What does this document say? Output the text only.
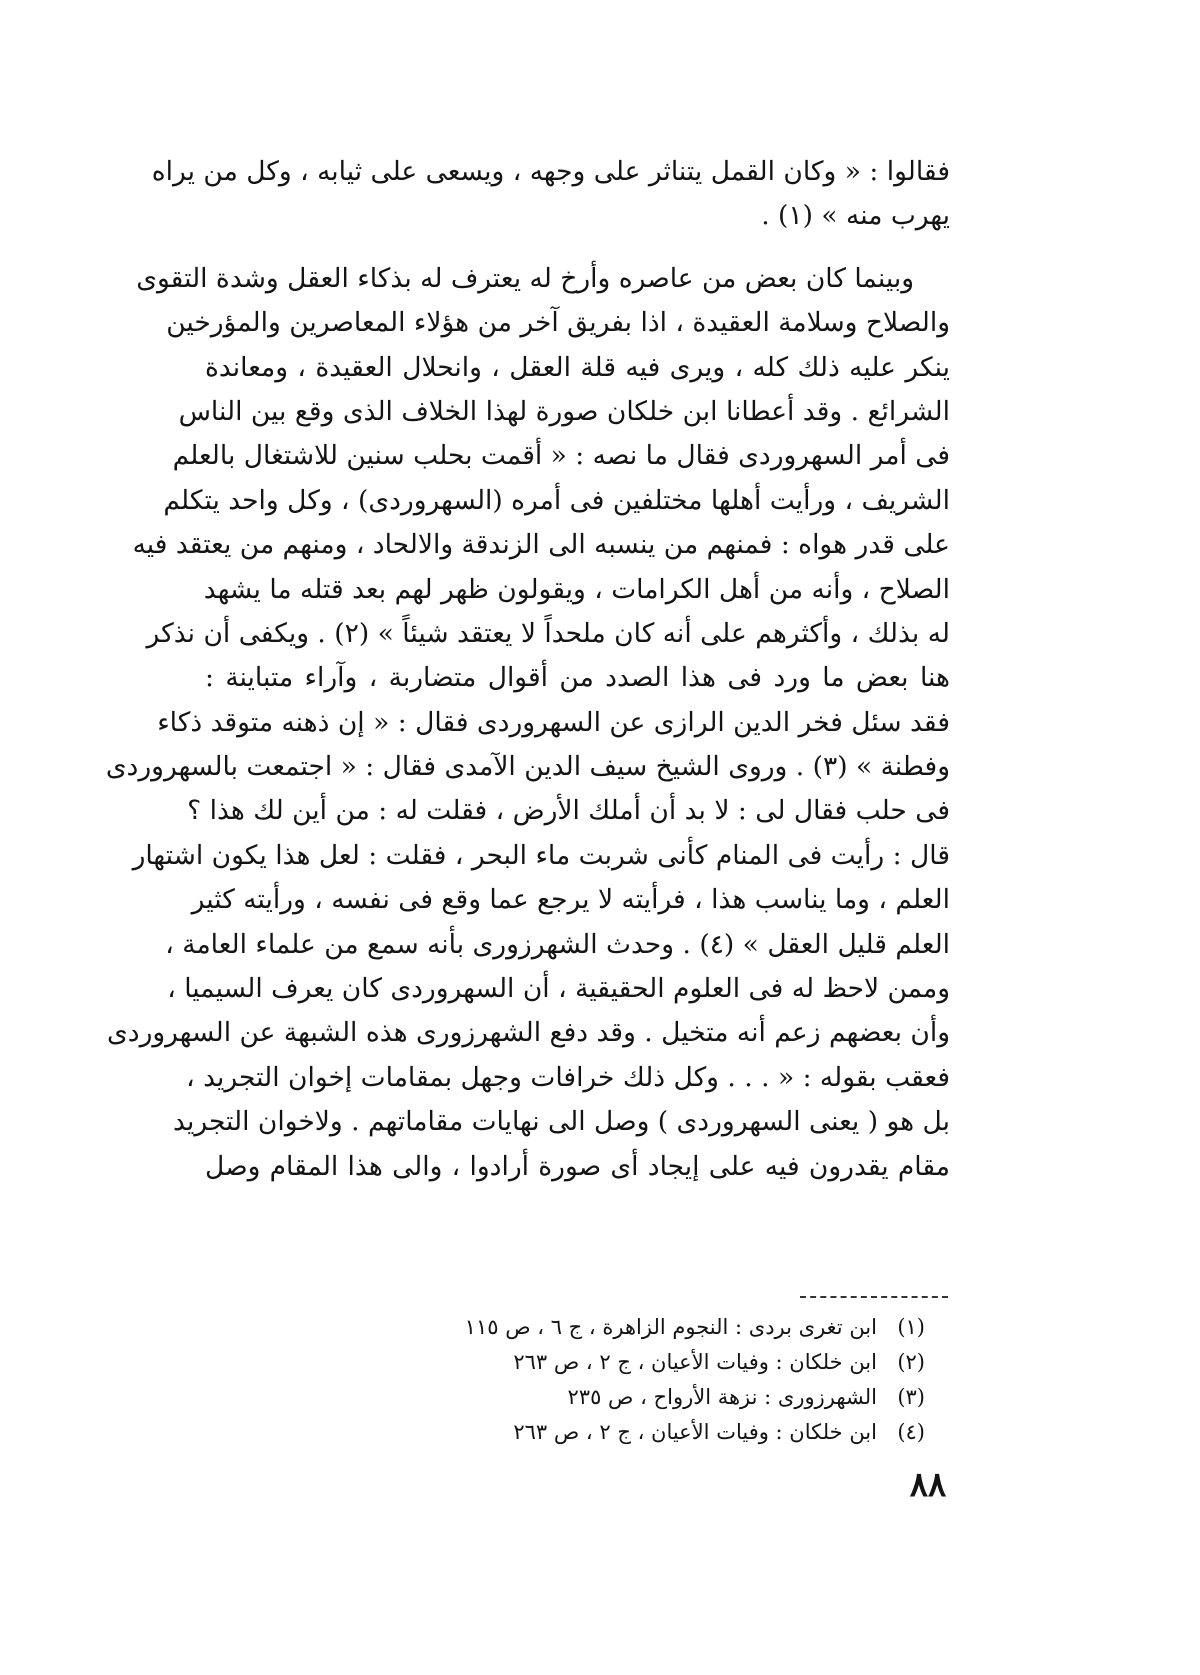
فقالوا : « وكان القمل يتناثر على وجهه ، ويسعى على ثيابه ، وكل من يراه
يهرب منه » (١) .
وبينما كان بعض من عاصره وأرخ له يعترف له بذكاء العقل وشدة التقوى
والصلاح وسلامة العقيدة ، اذا بفريق آخر من هؤلاء المعاصرين والمؤرخين
ينكر عليه ذلك كله ، ويرى فيه قلة العقل ، وانحلال العقيدة ، ومعاندة
الشرائع . وقد أعطانا ابن خلكان صورة لهذا الخلاف الذى وقع بين الناس
فى أمر السهروردى فقال ما نصه : « أقمت بحلب سنين للاشتغال بالعلم
الشريف ، ورأيت أهلها مختلفين فى أمره (السهروردى) ، وكل واحد يتكلم
على قدر هواه : فمنهم من ينسبه الى الزندقة والالحاد ، ومنهم من يعتقد فيه
الصلاح ، وأنه من أهل الكرامات ، ويقولون ظهر لهم بعد قتله ما يشهد
له بذلك ، وأكثرهم على أنه كان ملحداً لا يعتقد شيئاً » (٢) . ويكفى أن نذكر
هنا بعض ما ورد فى هذا الصدد من أقوال متضاربة ، وآراء متباينة :
فقد سئل فخر الدين الرازى عن السهروردى فقال : « إن ذهنه متوقد ذكاء
وفطنة » (٣) . وروى الشيخ سيف الدين الآمدى فقال : « اجتمعت بالسهروردى
فى حلب فقال لى : لا بد أن أملك الأرض ، فقلت له : من أين لك هذا ؟
قال : رأيت فى المنام كأنى شربت ماء البحر ، فقلت : لعل هذا يكون اشتهار
العلم ، وما يناسب هذا ، فرأيته لا يرجع عما وقع فى نفسه ، ورأيته كثير
العلم قليل العقل » (٤) . وحدث الشهرزورى بأنه سمع من علماء العامة ،
وممن لاحظ له فى العلوم الحقيقية ، أن السهروردى كان يعرف السيميا ،
وأن بعضهم زعم أنه متخيل . وقد دفع الشهرزورى هذه الشبهة عن السهروردى
فعقب بقوله : « . . . وكل ذلك خرافات وجهل بمقامات إخوان التجريد ،
بل هو ( يعنى السهروردى ) وصل الى نهايات مقاماتهم . ولاخوان التجريد
مقام يقدرون فيه على إيجاد أى صورة أرادوا ، والى هذا المقام وصل
(١)ابن تغرى بردى : النجوم الزاهرة ، ج ٦ ، ص ١١٥
(٢)ابن خلكان : وفيات الأعيان ، ج ٢ ، ص ٢٦٣
(٣)الشهرزورى : نزهة الأرواح ، ص ٢٣٥
(٤)ابن خلكان : وفيات الأعيان ، ج ٢ ، ص ٢٦٣
٨٨
